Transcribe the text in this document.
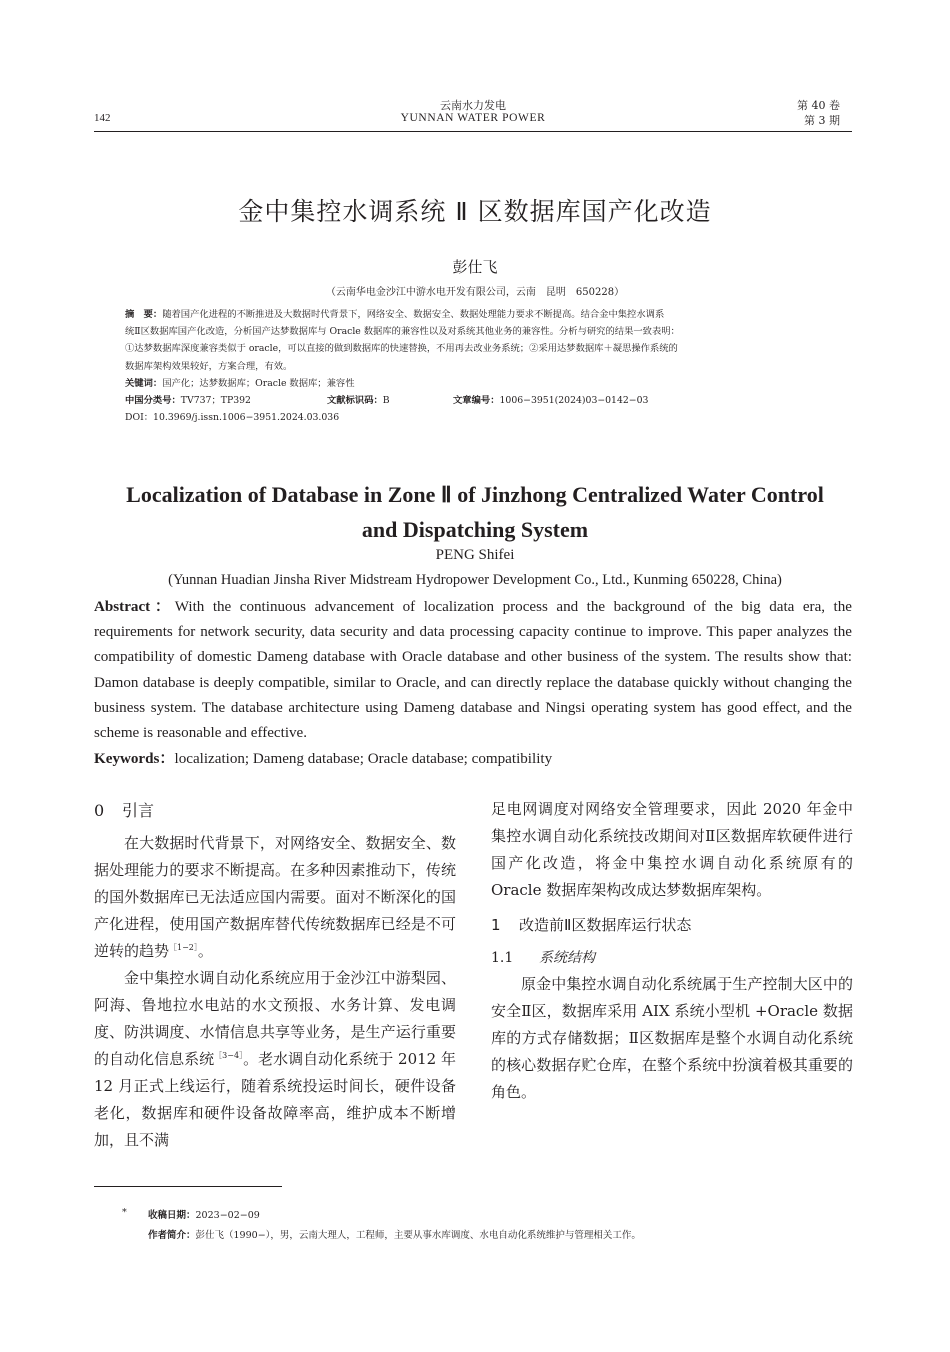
142
云南水力发电
YUNNAN WATER POWER
第 40 卷
第 3 期
金中集控水调系统 Ⅱ 区数据库国产化改造
彭仕飞
（云南华电金沙江中游水电开发有限公司，云南　昆明　650228）
摘　要：随着国产化进程的不断推进及大数据时代背景下，网络安全、数据安全、数据处理能力要求不断提高。结合金中集控水调系
统Ⅱ区数据库国产化改造，分析国产达梦数据库与 Oracle 数据库的兼容性以及对系统其他业务的兼容性。分析与研究的结果一致表明：
①达梦数据库深度兼容类似于 oracle，可以直接的做到数据库的快速替换，不用再去改业务系统；②采用达梦数据库＋凝思操作系统的
数据库架构效果较好，方案合理，有效。
关键词：国产化；达梦数据库；Oracle 数据库；兼容性
中国分类号：TV737；TP392	文献标识码：B	文章编号：1006−3951(2024)03−0142−03
DOI：10.3969/j.issn.1006−3951.2024.03.036
Localization of Database in Zone Ⅱ of Jinzhong Centralized Water Control
and Dispatching System
PENG Shifei
(Yunnan Huadian Jinsha River Midstream Hydropower Development Co., Ltd., Kunming 650228, China)
Abstract：With the continuous advancement of localization process and the background of the big data era, the requirements for network security, data security and data processing capacity continue to improve. This paper analyzes the compatibility of domestic Dameng database with Oracle database and other business of the system. The results show that: Damon database is deeply compatible, similar to Oracle, and can directly replace the database quickly without changing the business system. The database architecture using Dameng database and Ningsi operating system has good effect, and the scheme is reasonable and effective.
Keywords：localization; Dameng database; Oracle database; compatibility
0 引言

在大数据时代背景下，对网络安全、数据安全、数据处理能力的要求不断提高。在多种因素推动下，传统的国外数据库已无法适应国内需要。面对不断深化的国产化进程，使用国产数据库替代传统数据库已经是不可逆转的趋势$^{[1-2]}$。

金中集控水调自动化系统应用于金沙江中游梨园、阿海、鲁地拉水电站的水文预报、水务计算、发电调度、防洪调度、水情信息共享等业务，是生产运行重要的自动化信息系统$^{[3-4]}$。老水调自动化系统于 2012 年 12 月正式上线运行，随着系统投运时间长，硬件设备老化，数据库和硬件设备故障率高，维护成本不断增加，且不满

足电网调度对网络安全管理要求，因此 2020 年金中集控水调自动化系统技改期间对Ⅱ区数据库软硬件进行国产化改造，将金中集控水调自动化系统原有的 Oracle 数据库架构改成达梦数据库架构。

1 改造前Ⅱ区数据库运行状态
1.1 系统结构

原金中集控水调自动化系统属于生产控制大区中的安全Ⅱ区，数据库采用 AIX 系统小型机 +Oracle 数据库的方式存储数据；Ⅱ区数据库是整个水调自动化系统的核心数据存贮仓库，在整个系统中扮演着极其重要的角色。

* 收稿日期：2023−02−09
作者简介：彭仕飞（1990−），男，云南大理人，工程师，主要从事水库调度、水电自动化系统维护与管理相关工作。
